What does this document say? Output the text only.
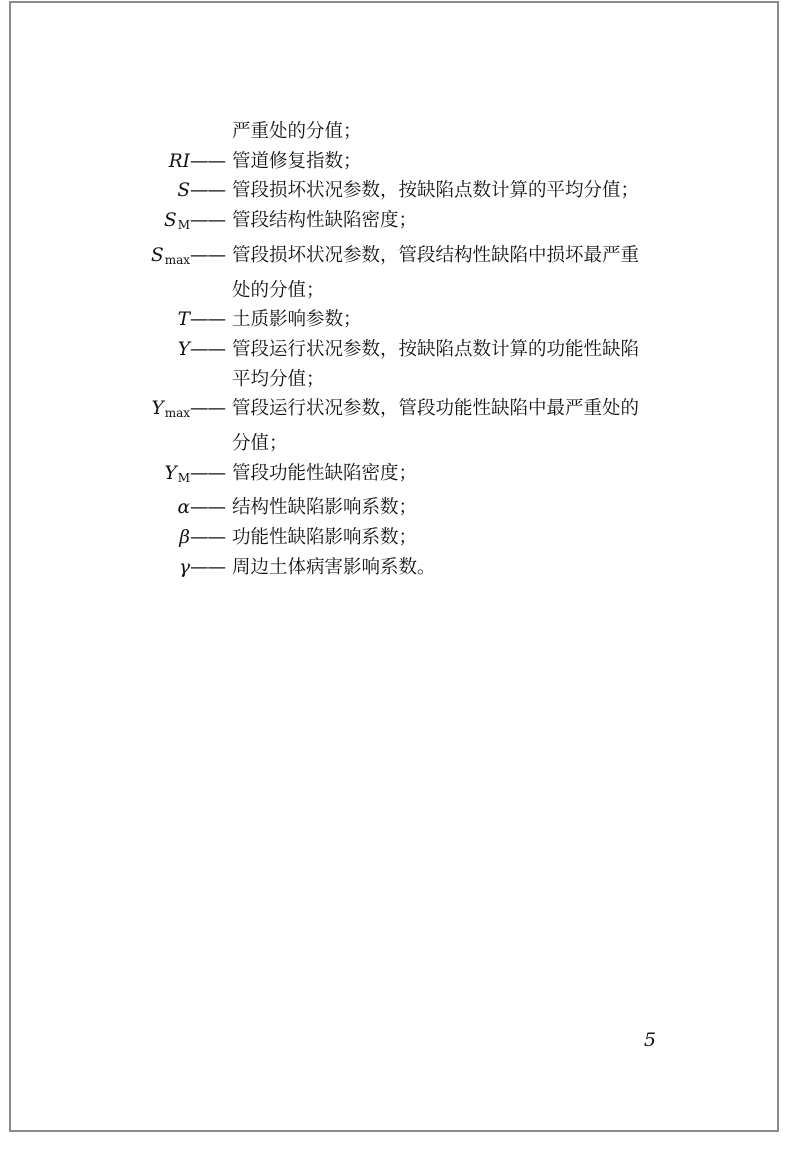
严重处的分值；
RI —— 管道修复指数；
S —— 管段损坏状况参数，按缺陷点数计算的平均分值；
$S_M$ —— 管段结构性缺陷密度；
$S_{max}$ —— 管段损坏状况参数，管段结构性缺陷中损坏最严重
处的分值；
T —— 土质影响参数；
Y —— 管段运行状况参数，按缺陷点数计算的功能性缺陷
平均分值；
$Y_{max}$ —— 管段运行状况参数，管段功能性缺陷中最严重处的
分值；
$Y_M$ —— 管段功能性缺陷密度；
α —— 结构性缺陷影响系数；
β —— 功能性缺陷影响系数；
γ —— 周边土体病害影响系数。
5
